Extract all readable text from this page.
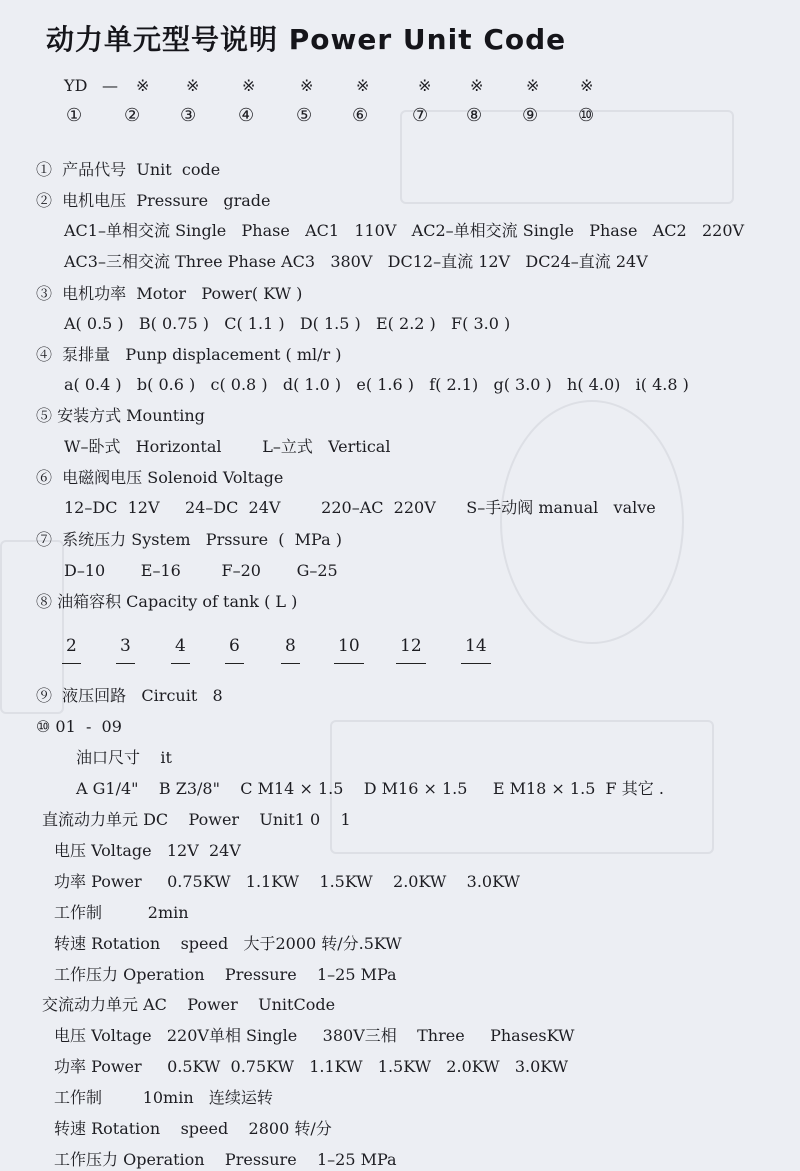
动力单元型号说明 Power Unit Code
YD — ※ ※	※	※	※	※ ※	※	※
① ② ③ ④ ⑤ ⑥ ⑦ ⑧ ⑨ ⑩
①  产品代号  Unit  code
②  电机电压  Pressure   grade
AC1–单相交流 Single   Phase   AC1   110V   AC2–单相交流 Single   Phase   AC2   220V
AC3–三相交流 Three Phase AC3   380V   DC12–直流 12V   DC24–直流 24V
③  电机功率  Motor   Power( KW )
A( 0.5 )   B( 0.75 )   C( 1.1 )   D( 1.5 )   E( 2.2 )   F( 3.0 )
④  泵排量   Punp displacement ( ml/r )
a( 0.4 )   b( 0.6 )   c( 0.8 )   d( 1.0 )   e( 1.6 )   f( 2.1)   g( 3.0 )   h( 4.0)   i( 4.8 )
⑤ 安装方式 Mounting
W–卧式   Horizontal        L–立式   Vertical
⑥  电磁阀电压 Solenoid Voltage
12–DC  12V     24–DC  24V        220–AC  220V      S–手动阀 manual   valve
⑦  系统压力 System   Prssure  (  MPa )
D–10       E–16        F–20       G–25
⑧ 油箱容积 Capacity of tank ( L )
2	3	4	6	8 10 12	14
⑨  液压回路   Circuit   8
⑩ 01  -  09
油口尺寸    it
A G1/4"    B Z3/8"    C M14 × 1.5    D M16 × 1.5     E M18 × 1.5  F 其它 .
直流动力单元 DC    Power    Unit1 0    1
电压 Voltage   12V  24V
功率 Power     0.75KW   1.1KW    1.5KW    2.0KW    3.0KW
工作制         2min
转速 Rotation    speed   大于2000 转/分.5KW
工作压力 Operation    Pressure    1–25 MPa
交流动力单元 AC    Power    UnitCode
电压 Voltage   220V单相 Single     380V三相    Three     PhasesKW
功率 Power     0.5KW  0.75KW   1.1KW   1.5KW   2.0KW   3.0KW
工作制        10min   连续运转
转速 Rotation    speed    2800 转/分
工作压力 Operation    Pressure    1–25 MPa
